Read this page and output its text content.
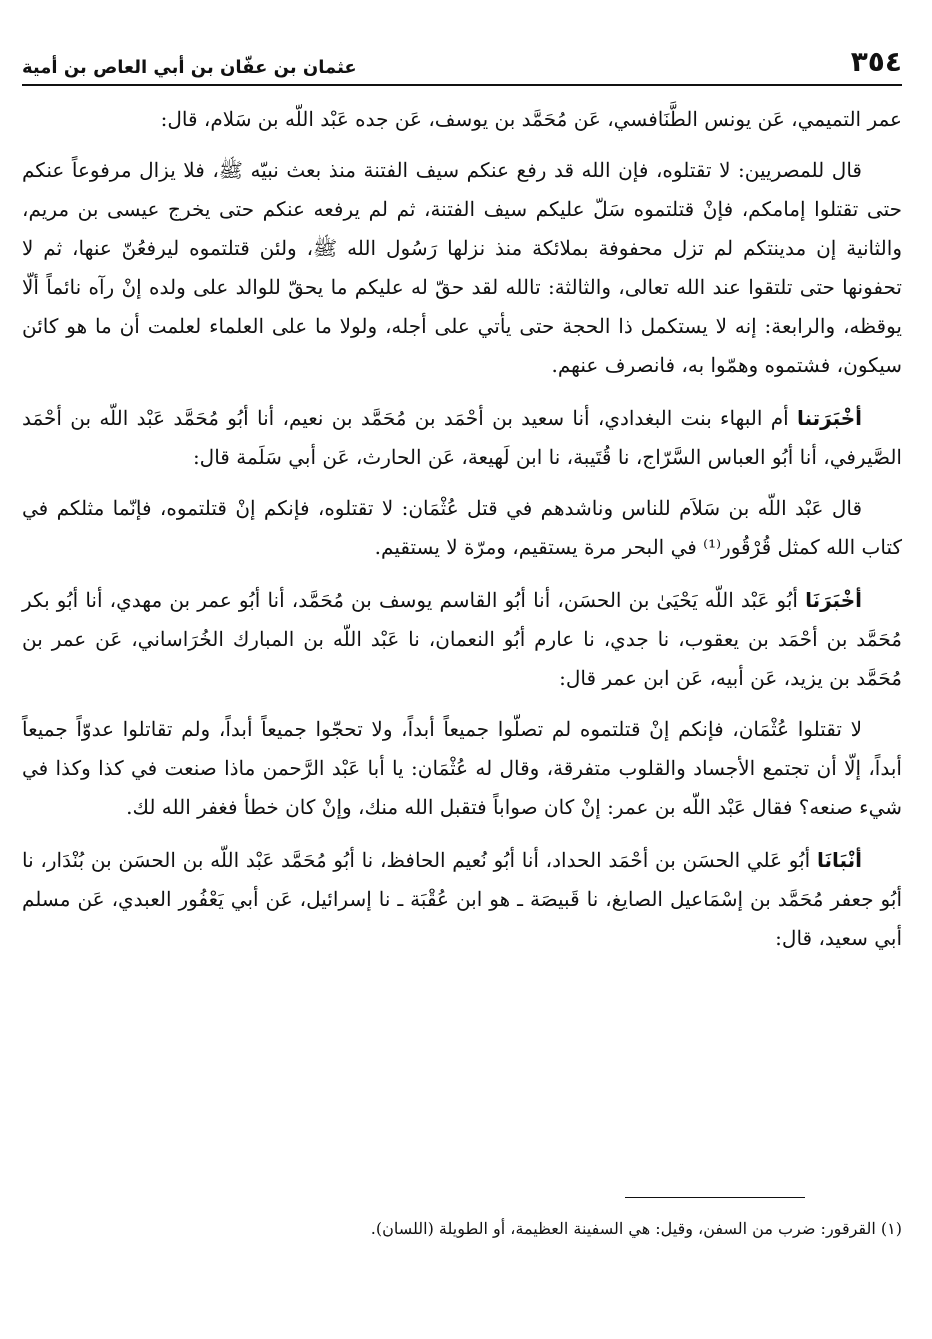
٣٥٤
عثمان بن عفّان بن أبي العاص بن أمية

عمر التميمي، عَن يونس الطَّنَافسي، عَن مُحَمَّد بن يوسف، عَن جده عَبْد اللّه بن سَلام، قال:

قال للمصريين: لا تقتلوه، فإن الله قد رفع عنكم سيف الفتنة منذ بعث نبيّه ﷺ، فلا يزال مرفوعاً عنكم حتى تقتلوا إمامكم، فإنْ قتلتموه سَلّ عليكم سيف الفتنة، ثم لم يرفعه عنكم حتى يخرج عيسى بن مريم، والثانية إن مدينتكم لم تزل محفوفة بملائكة منذ نزلها رَسُول الله ﷺ، ولئن قتلتموه ليرفعُنّ عنها، ثم لا تحفونها حتى تلتقوا عند الله تعالى، والثالثة: تالله لقد حقّ له عليكم ما يحقّ للوالد على ولده إنْ رآه نائماً ألّا يوقظه، والرابعة: إنه لا يستكمل ذا الحجة حتى يأتي على أجله، ولولا ما على العلماء لعلمت أن ما هو كائن سيكون، فشتموه وهمّوا به، فانصرف عنهم.

أخْبَرَتنا أم البهاء بنت البغدادي، أنا سعيد بن أحْمَد بن مُحَمَّد بن نعيم، أنا أبُو مُحَمَّد عَبْد اللّه بن أحْمَد الصَّيرفي، أنا أبُو العباس السَّرّاج، نا قُتَيبة، نا ابن لَهيعة، عَن الحارث، عَن أبي سَلَمة قال:

قال عَبْد اللّه بن سَلاَم للناس وناشدهم في قتل عُثْمَان: لا تقتلوه، فإنكم إنْ قتلتموه، فإنّما مثلكم في كتاب الله كمثل قُرْقُور⁽¹⁾ في البحر مرة يستقيم، ومرّة لا يستقيم.

أخْبَرَنَا أبُو عَبْد اللّه يَحْيَىٰ بن الحسَن، أنا أبُو القاسم يوسف بن مُحَمَّد، أنا أبُو عمر بن مهدي، أنا أبُو بكر مُحَمَّد بن أحْمَد بن يعقوب، نا جدي، نا عارم أبُو النعمان، نا عَبْد اللّه بن المبارك الخُرَاساني، عَن عمر بن مُحَمَّد بن يزيد، عَن أبيه، عَن ابن عمر قال:

لا تقتلوا عُثْمَان، فإنكم إنْ قتلتموه لم تصلّوا جميعاً أبداً، ولا تحجّوا جميعاً أبداً، ولم تقاتلوا عدوّاً جميعاً أبداً، إلّا أن تجتمع الأجساد والقلوب متفرقة، وقال له عُثْمَان: يا أبا عَبْد الرَّحمن ماذا صنعت في كذا وكذا في شيء صنعه؟ فقال عَبْد اللّه بن عمر: إنْ كان صواباً فتقبل الله منك، وإنْ كان خطأ فغفر الله لك.

أنْبَانَا أبُو عَلي الحسَن بن أحْمَد الحداد، أنا أبُو نُعيم الحافظ، نا أبُو مُحَمَّد عَبْد اللّه بن الحسَن بن بُنْدَار، نا أبُو جعفر مُحَمَّد بن إسْمَاعيل الصايغ، نا قَبيصَة ـ هو ابن عُقْبَة ـ نا إسرائيل، عَن أبي يَعْفُور العبدي، عَن مسلم أبي سعيد، قال:

(١) القرقور: ضرب من السفن، وقيل: هي السفينة العظيمة، أو الطويلة (اللسان).
